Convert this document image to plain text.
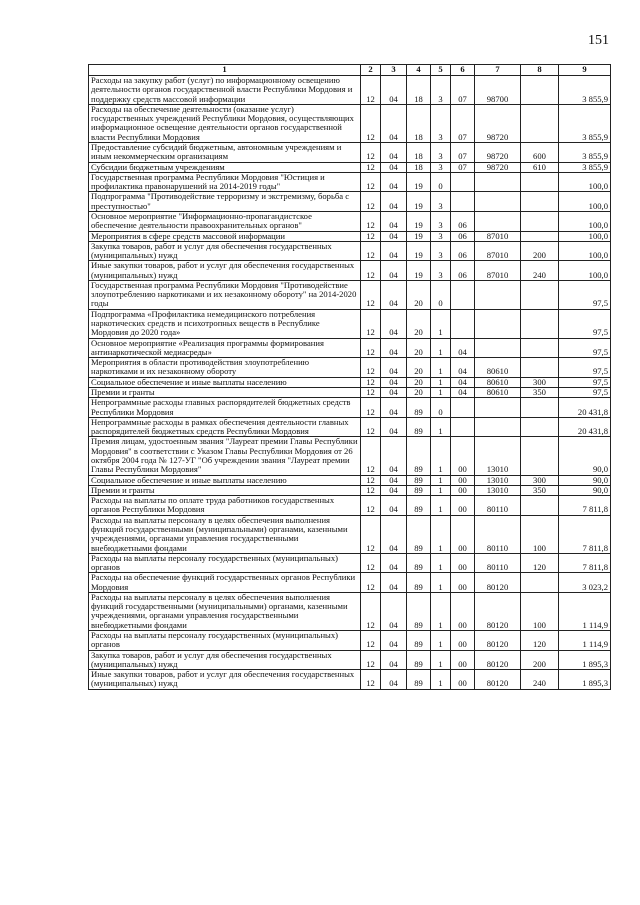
151
1	2	3	4	5	6	7	8	9
Расходы на закупку работ (услуг) по информационному освещению деятельности органов государственной власти Республики Мордовия и поддержку средств массовой информации	12	04	18	3	07	98700		3 855,9
Расходы на обеспечение деятельности (оказание услуг) государственных учреждений Республики Мордовия, осуществляющих информационное освещение деятельности органов государственной власти Республики Мордовия	12	04	18	3	07	98720		3 855,9
Предоставление субсидий бюджетным, автономным учреждениям и иным некоммерческим организациям	12	04	18	3	07	98720	600	3 855,9
Субсидии бюджетным учреждениям	12	04	18	3	07	98720	610	3 855,9
Государственная программа Республики Мордовия "Юстиция и профилактика правонарушений на 2014-2019 годы"	12	04	19	0				100,0
Подпрограмма "Противодействие терроризму и экстремизму, борьба с преступностью"	12	04	19	3				100,0
Основное мероприятие "Информационно-пропагандистское обеспечение деятельности правоохранительных органов"	12	04	19	3	06			100,0
Мероприятия в сфере средств массовой информации	12	04	19	3	06	87010		100,0
Закупка товаров, работ и услуг для обеспечения государственных (муниципальных) нужд	12	04	19	3	06	87010	200	100,0
Иные закупки товаров, работ и услуг для обеспечения государственных (муниципальных) нужд	12	04	19	3	06	87010	240	100,0
Государственная программа Республики Мордовия "Противодействие злоупотреблению наркотиками и их незаконному обороту" на 2014-2020 годы	12	04	20	0				97,5
Подпрограмма «Профилактика немедицинского потребления наркотических средств и психотропных веществ в Республике Мордовия до 2020 года»	12	04	20	1				97,5
Основное мероприятие «Реализация программы формирования антинаркотической медиасреды»	12	04	20	1	04			97,5
Мероприятия в области противодействия злоупотреблению наркотиками и их незаконному обороту	12	04	20	1	04	80610		97,5
Социальное обеспечение и иные выплаты населению	12	04	20	1	04	80610	300	97,5
Премии и гранты	12	04	20	1	04	80610	350	97,5
Непрограммные расходы главных распорядителей бюджетных средств Республики Мордовия	12	04	89	0				20 431,8
Непрограммные расходы в рамках обеспечения деятельности главных распорядителей бюджетных средств Республики Мордовия	12	04	89	1				20 431,8
Премия лицам, удостоенным звания "Лауреат премии Главы Республики Мордовия" в соответствии с Указом Главы Республики Мордовия от 26 октября 2004 года № 127-УГ "Об учреждении звания "Лауреат премии Главы Республики Мордовия"	12	04	89	1	00	13010		90,0
Социальное обеспечение и иные выплаты населению	12	04	89	1	00	13010	300	90,0
Премии и гранты	12	04	89	1	00	13010	350	90,0
Расходы на выплаты по оплате труда работников государственных органов Республики Мордовия	12	04	89	1	00	80110		7 811,8
Расходы на выплаты персоналу в целях обеспечения выполнения функций государственными (муниципальными) органами, казенными учреждениями, органами управления государственными внебюджетными фондами	12	04	89	1	00	80110	100	7 811,8
Расходы на выплаты персоналу государственных (муниципальных) органов	12	04	89	1	00	80110	120	7 811,8
Расходы на обеспечение функций государственных органов Республики Мордовия	12	04	89	1	00	80120		3 023,2
Расходы на выплаты персоналу в целях обеспечения выполнения функций государственными (муниципальными) органами, казенными учреждениями, органами управления государственными внебюджетными фондами	12	04	89	1	00	80120	100	1 114,9
Расходы на выплаты персоналу государственных (муниципальных) органов	12	04	89	1	00	80120	120	1 114,9
Закупка товаров, работ и услуг для обеспечения государственных (муниципальных) нужд	12	04	89	1	00	80120	200	1 895,3
Иные закупки товаров, работ и услуг для обеспечения государственных (муниципальных) нужд	12	04	89	1	00	80120	240	1 895,3
